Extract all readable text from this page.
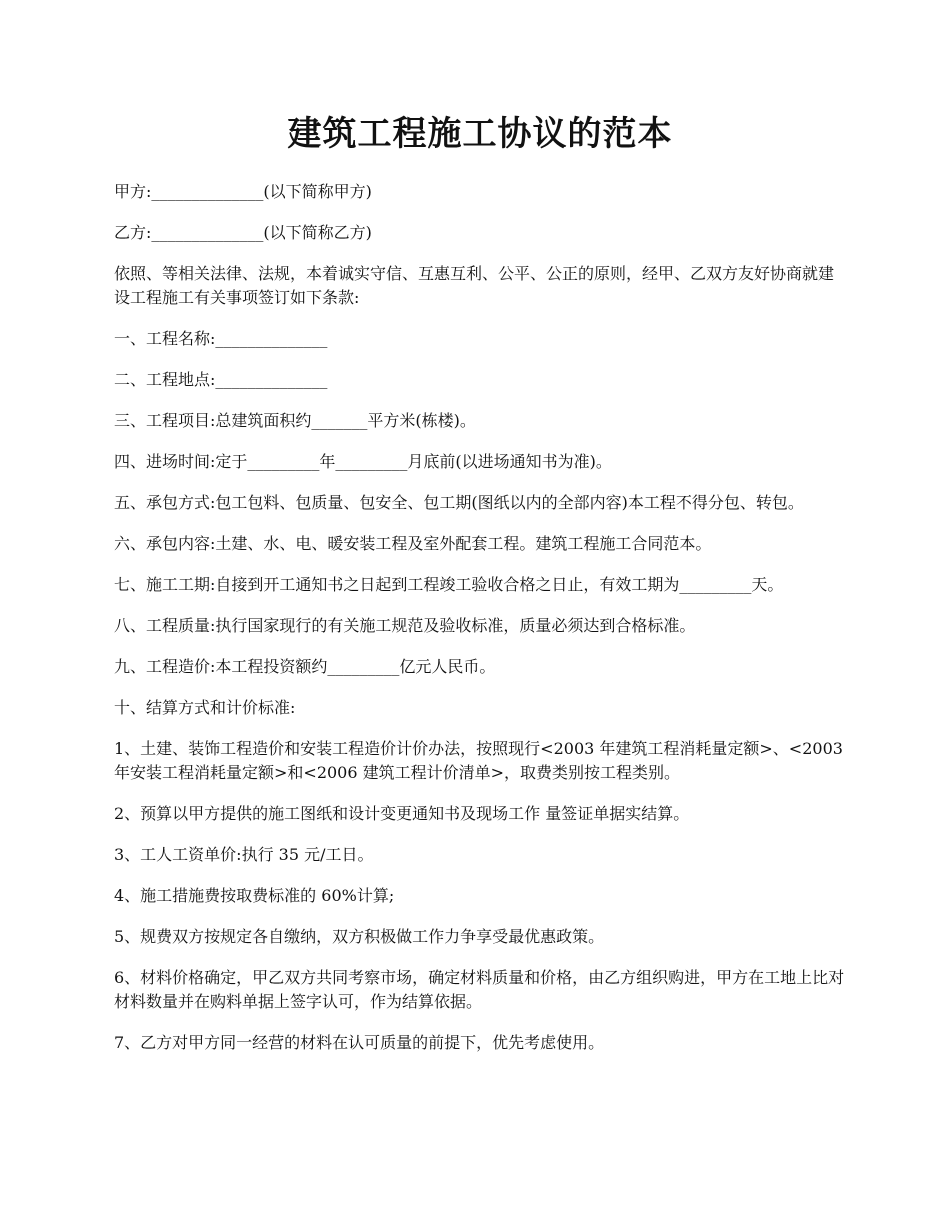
建筑工程施工协议的范本

甲方:______________(以下简称甲方)

乙方:______________(以下简称乙方)

依照、等相关法律、法规，本着诚实守信、互惠互利、公平、公正的原则，经甲、乙双方友好协商就建设工程施工有关事项签订如下条款:

一、工程名称:______________

二、工程地点:______________

三、工程项目:总建筑面积约_______平方米(栋楼)。

四、进场时间:定于_________年_________月底前(以进场通知书为准)。

五、承包方式:包工包料、包质量、包安全、包工期(图纸以内的全部内容)本工程不得分包、转包。

六、承包内容:土建、水、电、暖安装工程及室外配套工程。建筑工程施工合同范本。

七、施工工期:自接到开工通知书之日起到工程竣工验收合格之日止，有效工期为_________天。

八、工程质量:执行国家现行的有关施工规范及验收标准，质量必须达到合格标准。

九、工程造价:本工程投资额约_________亿元人民币。

十、结算方式和计价标准:

1、土建、装饰工程造价和安装工程造价计价办法，按照现行<2003 年建筑工程消耗量定额>、<2003 年安装工程消耗量定额>和<2006 建筑工程计价清单>，取费类别按工程类别。

2、预算以甲方提供的施工图纸和设计变更通知书及现场工作 量签证单据实结算。

3、工人工资单价:执行 35 元/工日。

4、施工措施费按取费标准的 60%计算;

5、规费双方按规定各自缴纳，双方积极做工作力争享受最优惠政策。

6、材料价格确定，甲乙双方共同考察市场，确定材料质量和价格，由乙方组织购进，甲方在工地上比对材料数量并在购料单据上签字认可，作为结算依据。

7、乙方对甲方同一经营的材料在认可质量的前提下，优先考虑使用。
